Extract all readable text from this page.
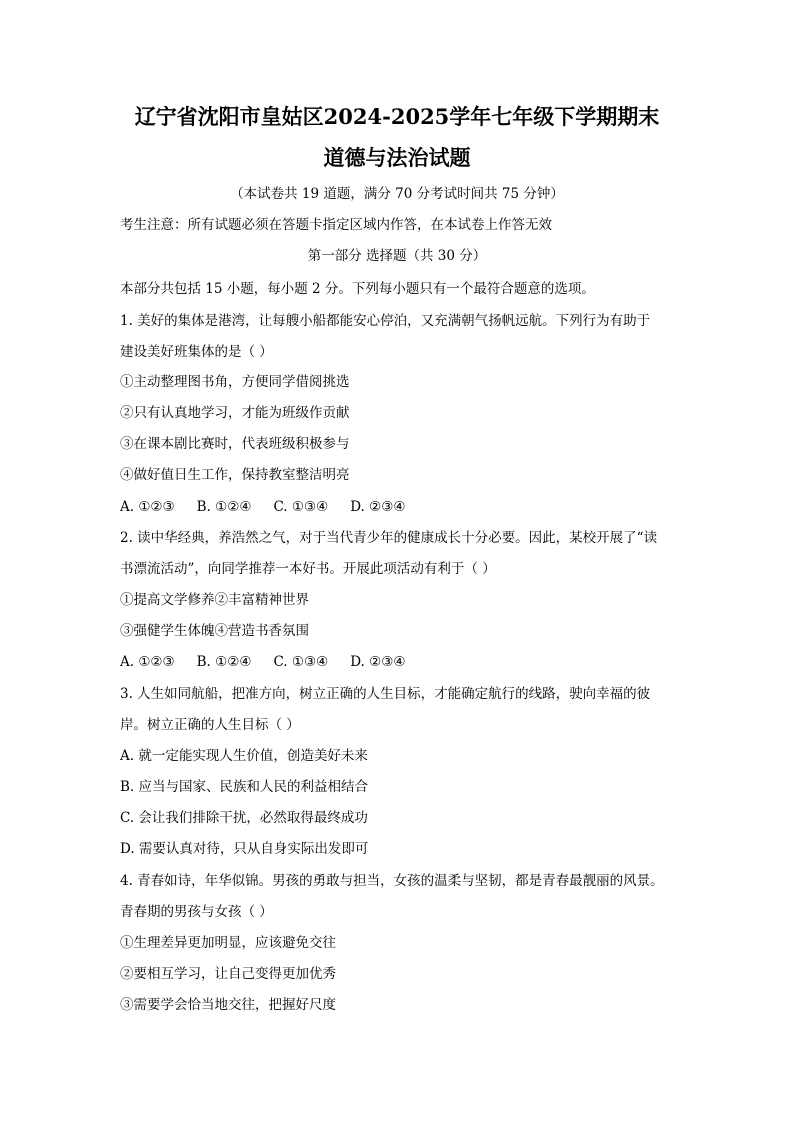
辽宁省沈阳市皇姑区2024-2025学年七年级下学期期末
道德与法治试题
（本试卷共 19 道题，满分 70 分考试时间共 75 分钟）
考生注意：所有试题必须在答题卡指定区域内作答，在本试卷上作答无效
第一部分 选择题（共 30 分）
本部分共包括 15 小题，每小题 2 分。下列每小题只有一个最符合题意的选项。
1. 美好的集体是港湾，让每艘小船都能安心停泊，又充满朝气扬帆远航。下列行为有助于
建设美好班集体的是（ ）
①主动整理图书角，方便同学借阅挑选
②只有认真地学习，才能为班级作贡献
③在课本剧比赛时，代表班级积极参与
④做好值日生工作，保持教室整洁明亮
A. ①②③ B. ①②④ C. ①③④ D. ②③④
2. 读中华经典，养浩然之气，对于当代青少年的健康成长十分必要。因此，某校开展了“读
书漂流活动”，向同学推荐一本好书。开展此项活动有利于（ ）
①提高文学修养②丰富精神世界
③强健学生体魄④营造书香氛围
A. ①②③ B. ①②④ C. ①③④ D. ②③④
3. 人生如同航船，把准方向，树立正确的人生目标，才能确定航行的线路，驶向幸福的彼
岸。树立正确的人生目标（ ）
A. 就一定能实现人生价值，创造美好未来
B. 应当与国家、民族和人民的利益相结合
C. 会让我们排除干扰，必然取得最终成功
D. 需要认真对待，只从自身实际出发即可
4. 青春如诗，年华似锦。男孩的勇敢与担当，女孩的温柔与坚韧，都是青春最靓丽的风景。
青春期的男孩与女孩（ ）
①生理差异更加明显，应该避免交往
②要相互学习，让自己变得更加优秀
③需要学会恰当地交往，把握好尺度
